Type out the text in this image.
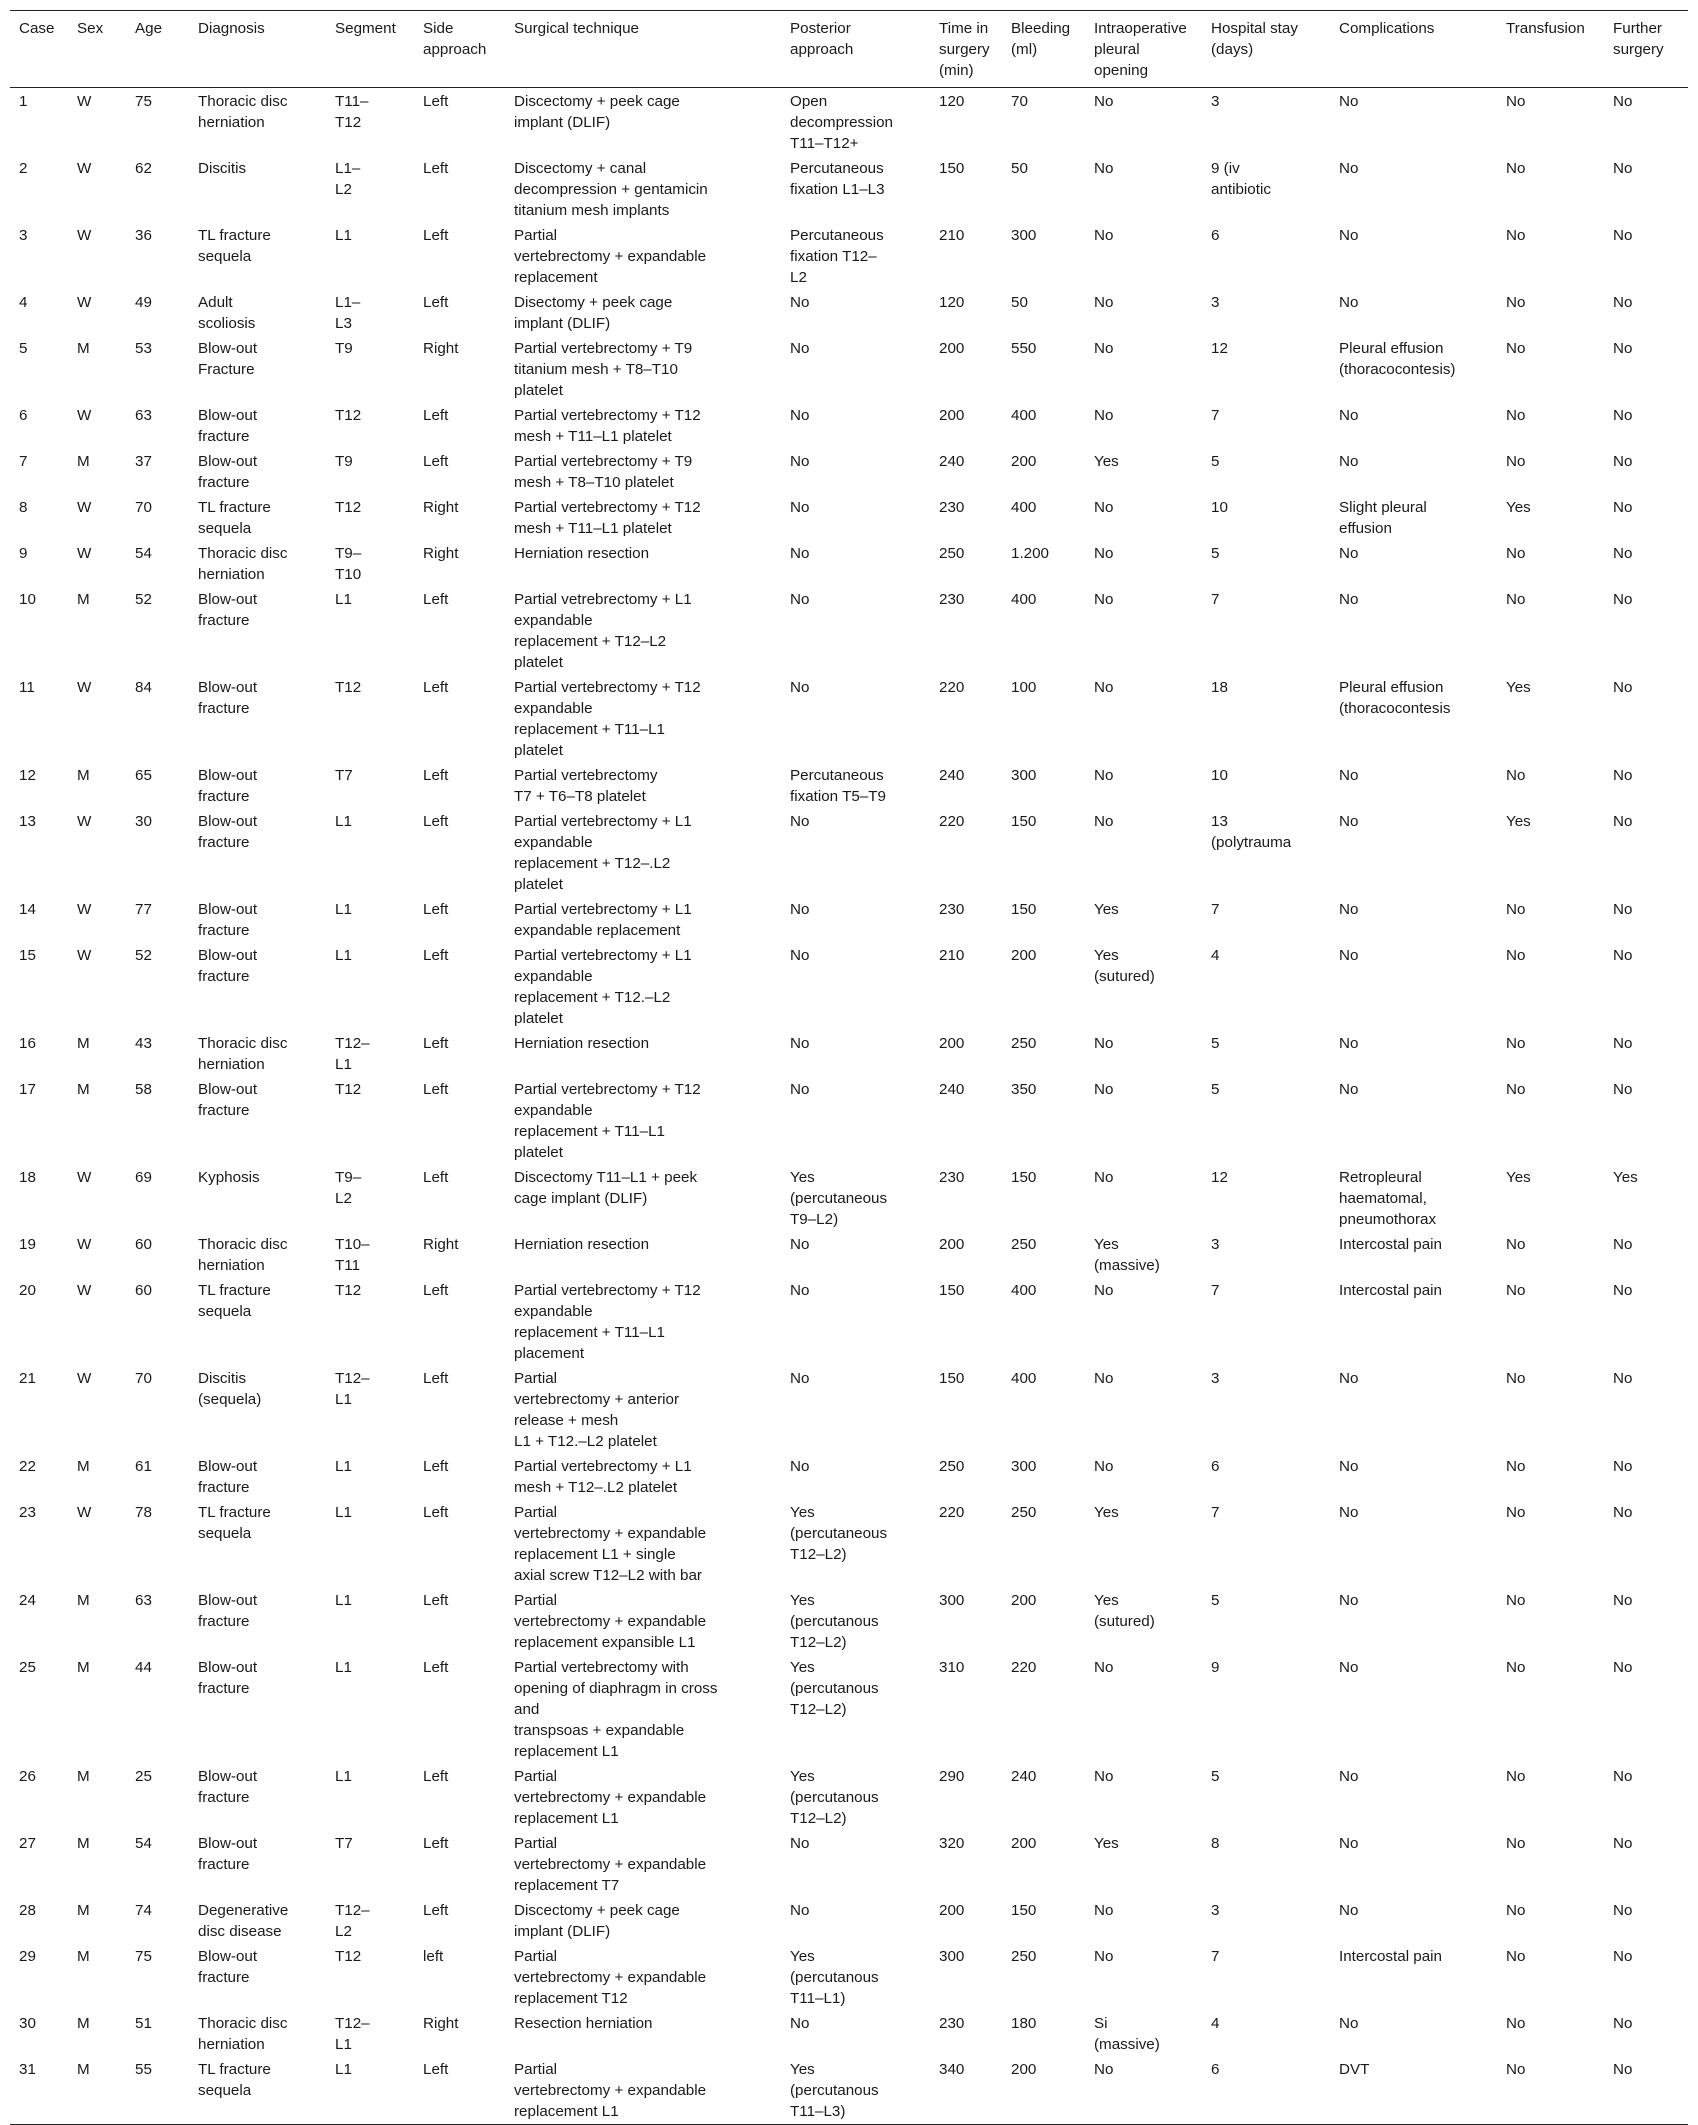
Case	Sex	Age	Diagnosis	Segment	Side
approach	Surgical technique	Posterior
approach	Time in
surgery
(min)	Bleeding
(ml)	Intraoperative
pleural
opening	Hospital stay
(days)	Complications	Transfusion	Further
surgery
1	W	75	Thoracic disc
herniation	T11–
T12	Left	Discectomy + peek cage
implant (DLIF)	Open
decompression
T11–T12+	120	70	No	3	No	No	No
2	W	62	Discitis	L1–
L2	Left	Discectomy + canal
decompression + gentamicin
titanium mesh implants	Percutaneous
fixation L1–L3	150	50	No	9 (iv
antibiotic	No	No	No
3	W	36	TL fracture
sequela	L1	Left	Partial
vertebrectomy + expandable
replacement	Percutaneous
fixation T12–
L2	210	300	No	6	No	No	No
4	W	49	Adult
scoliosis	L1–
L3	Left	Disectomy + peek cage
implant (DLIF)	No	120	50	No	3	No	No	No
5	M	53	Blow-out
Fracture	T9	Right	Partial vertebrectomy + T9
titanium mesh + T8–T10
platelet	No	200	550	No	12	Pleural effusion
(thoracocontesis)	No	No
6	W	63	Blow-out
fracture	T12	Left	Partial vertebrectomy + T12
mesh + T11–L1 platelet	No	200	400	No	7	No	No	No
7	M	37	Blow-out
fracture	T9	Left	Partial vertebrectomy + T9
mesh + T8–T10 platelet	No	240	200	Yes	5	No	No	No
8	W	70	TL fracture
sequela	T12	Right	Partial vertebrectomy + T12
mesh + T11–L1 platelet	No	230	400	No	10	Slight pleural
effusion	Yes	No
9	W	54	Thoracic disc
herniation	T9–
T10	Right	Herniation resection	No	250	1.200	No	5	No	No	No
10	M	52	Blow-out
fracture	L1	Left	Partial vetrebrectomy + L1
expandable
replacement + T12–L2
platelet	No	230	400	No	7	No	No	No
11	W	84	Blow-out
fracture	T12	Left	Partial vertebrectomy + T12
expandable
replacement + T11–L1
platelet	No	220	100	No	18	Pleural effusion
(thoracocontesis	Yes	No
12	M	65	Blow-out
fracture	T7	Left	Partial vertebrectomy
T7 + T6–T8 platelet	Percutaneous
fixation T5–T9	240	300	No	10	No	No	No
13	W	30	Blow-out
fracture	L1	Left	Partial vertebrectomy + L1
expandable
replacement + T12–.L2
platelet	No	220	150	No	13
(polytrauma	No	Yes	No
14	W	77	Blow-out
fracture	L1	Left	Partial vertebrectomy + L1
expandable replacement	No	230	150	Yes	7	No	No	No
15	W	52	Blow-out
fracture	L1	Left	Partial vertebrectomy + L1
expandable
replacement + T12.–L2
platelet	No	210	200	Yes
(sutured)	4	No	No	No
16	M	43	Thoracic disc
herniation	T12–
L1	Left	Herniation resection	No	200	250	No	5	No	No	No
17	M	58	Blow-out
fracture	T12	Left	Partial vertebrectomy + T12
expandable
replacement + T11–L1
platelet	No	240	350	No	5	No	No	No
18	W	69	Kyphosis	T9–
L2	Left	Discectomy T11–L1 + peek
cage implant (DLIF)	Yes
(percutaneous
T9–L2)	230	150	No	12	Retropleural
haematomal,
pneumothorax	Yes	Yes
19	W	60	Thoracic disc
herniation	T10–
T11	Right	Herniation resection	No	200	250	Yes
(massive)	3	Intercostal pain	No	No
20	W	60	TL fracture
sequela	T12	Left	Partial vertebrectomy + T12
expandable
replacement + T11–L1
placement	No	150	400	No	7	Intercostal pain	No	No
21	W	70	Discitis
(sequela)	T12–
L1	Left	Partial
vertebrectomy + anterior
release + mesh
L1 + T12.–L2 platelet	No	150	400	No	3	No	No	No
22	M	61	Blow-out
fracture	L1	Left	Partial vertebrectomy + L1
mesh + T12–.L2 platelet	No	250	300	No	6	No	No	No
23	W	78	TL fracture
sequela	L1	Left	Partial
vertebrectomy + expandable
replacement L1 + single
axial screw T12–L2 with bar	Yes
(percutaneous
T12–L2)	220	250	Yes	7	No	No	No
24	M	63	Blow-out
fracture	L1	Left	Partial
vertebrectomy + expandable
replacement expansible L1	Yes
(percutanous
T12–L2)	300	200	Yes
(sutured)	5	No	No	No
25	M	44	Blow-out
fracture	L1	Left	Partial vertebrectomy with
opening of diaphragm in cross
and
transpsoas + expandable
replacement L1	Yes
(percutanous
T12–L2)	310	220	No	9	No	No	No
26	M	25	Blow-out
fracture	L1	Left	Partial
vertebrectomy + expandable
replacement L1	Yes
(percutanous
T12–L2)	290	240	No	5	No	No	No
27	M	54	Blow-out
fracture	T7	Left	Partial
vertebrectomy + expandable
replacement T7	No	320	200	Yes	8	No	No	No
28	M	74	Degenerative
disc disease	T12–
L2	Left	Discectomy + peek cage
implant (DLIF)	No	200	150	No	3	No	No	No
29	M	75	Blow-out
fracture	T12	left	Partial
vertebrectomy + expandable
replacement T12	Yes
(percutanous
T11–L1)	300	250	No	7	Intercostal pain	No	No
30	M	51	Thoracic disc
herniation	T12–
L1	Right	Resection herniation	No	230	180	Si
(massive)	4	No	No	No
31	M	55	TL fracture
sequela	L1	Left	Partial
vertebrectomy + expandable
replacement L1	Yes
(percutanous
T11–L3)	340	200	No	6	DVT	No	No
